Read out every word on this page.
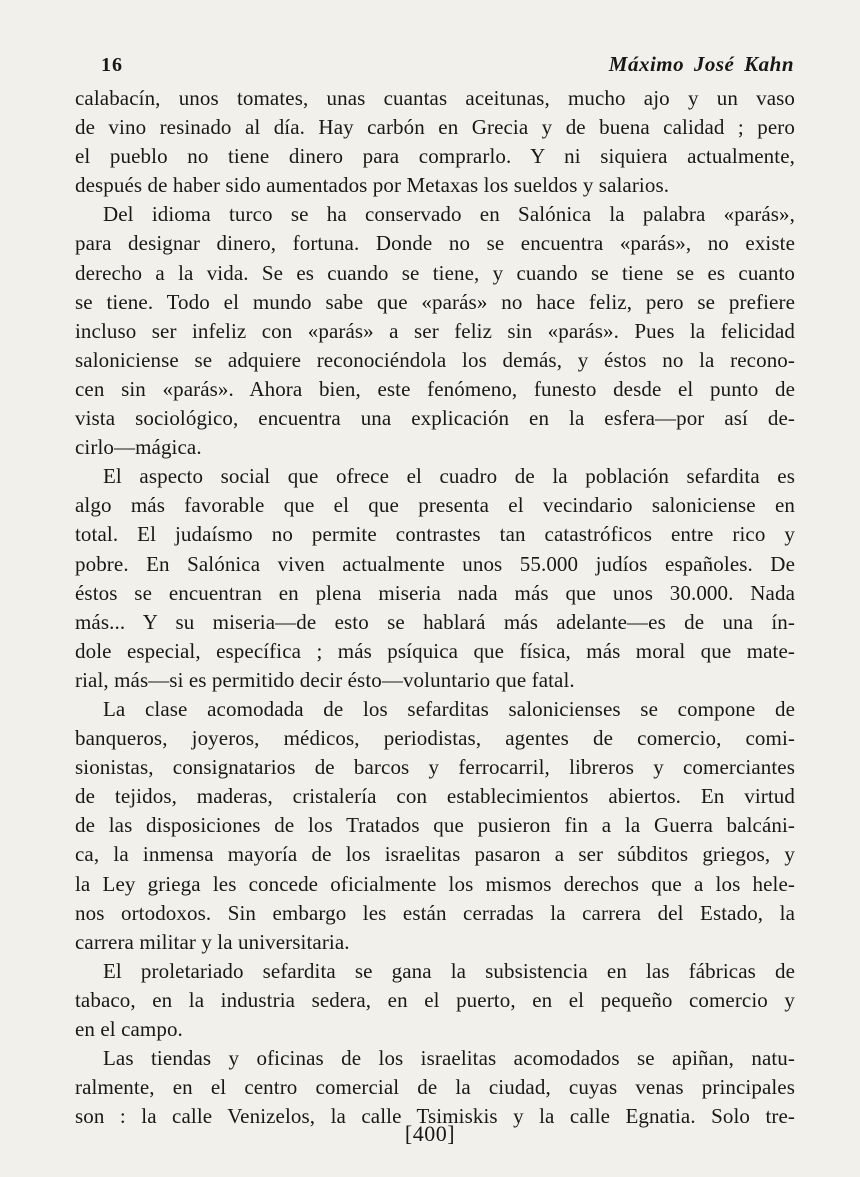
16	Máximo José Kahn
calabacín, unos tomates, unas cuantas aceitunas, mucho ajo y un vaso
de vino resinado al día. Hay carbón en Grecia y de buena calidad ; pero
el pueblo no tiene dinero para comprarlo. Y ni siquiera actualmente,
después de haber sido aumentados por Metaxas los sueldos y salarios.
Del idioma turco se ha conservado en Salónica la palabra «parás»,
para designar dinero, fortuna. Donde no se encuentra «parás», no existe
derecho a la vida. Se es cuando se tiene, y cuando se tiene se es cuanto
se tiene. Todo el mundo sabe que «parás» no hace feliz, pero se prefiere
incluso ser infeliz con «parás» a ser feliz sin «parás». Pues la felicidad
saloniciense se adquiere reconociéndola los demás, y éstos no la recono-
cen sin «parás». Ahora bien, este fenómeno, funesto desde el punto de
vista sociológico, encuentra una explicación en la esfera—por así de-
cirlo—mágica.
El aspecto social que ofrece el cuadro de la población sefardita es
algo más favorable que el que presenta el vecindario saloniciense en
total. El judaísmo no permite contrastes tan catastróficos entre rico y
pobre. En Salónica viven actualmente unos 55.000 judíos españoles. De
éstos se encuentran en plena miseria nada más que unos 30.000. Nada
más... Y su miseria—de esto se hablará más adelante—es de una ín-
dole especial, específica ; más psíquica que física, más moral que mate-
rial, más—si es permitido decir ésto—voluntario que fatal.
La clase acomodada de los sefarditas salonicienses se compone de
banqueros, joyeros, médicos, periodistas, agentes de comercio, comi-
sionistas, consignatarios de barcos y ferrocarril, libreros y comerciantes
de tejidos, maderas, cristalería con establecimientos abiertos. En virtud
de las disposiciones de los Tratados que pusieron fin a la Guerra balcáni-
ca, la inmensa mayoría de los israelitas pasaron a ser súbditos griegos, y
la Ley griega les concede oficialmente los mismos derechos que a los hele-
nos ortodoxos. Sin embargo les están cerradas la carrera del Estado, la
carrera militar y la universitaria.
El proletariado sefardita se gana la subsistencia en las fábricas de
tabaco, en la industria sedera, en el puerto, en el pequeño comercio y
en el campo.
Las tiendas y oficinas de los israelitas acomodados se apiñan, natu-
ralmente, en el centro comercial de la ciudad, cuyas venas principales
son : la calle Venizelos, la calle Tsimiskis y la calle Egnatia. Solo tre-
[400]
